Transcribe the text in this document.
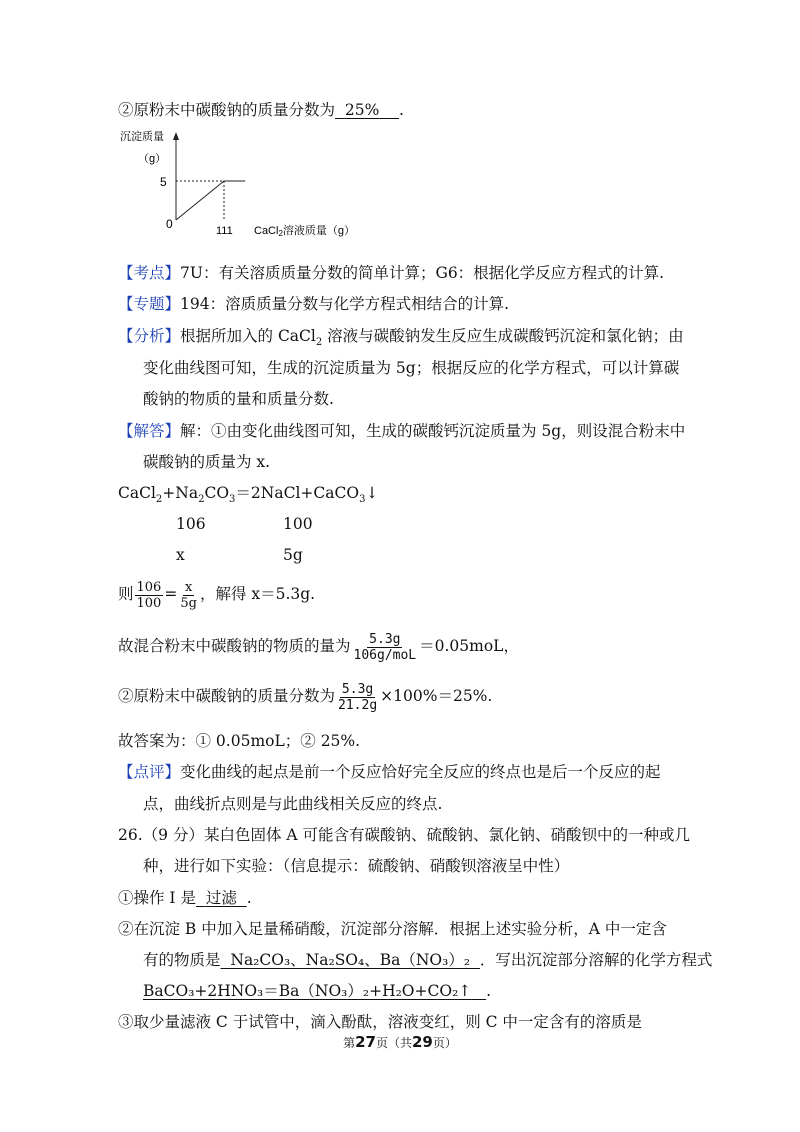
②原粉末中碳酸钠的质量分数为 25% .
沉淀质量
（g）
0
5
111 CaCl2溶液质量（g）
【考点】7U：有关溶质质量分数的简单计算；G6：根据化学反应方程式的计算.
【专题】194：溶质质量分数与化学方程式相结合的计算.
【分析】根据所加入的 CaCl$_2$ 溶液与碳酸钠发生反应生成碳酸钙沉淀和氯化钠；由
变化曲线图可知，生成的沉淀质量为 5g；根据反应的化学方程式，可以计算碳
酸钠的物质的量和质量分数.
【解答】解：①由变化曲线图可知，生成的碳酸钙沉淀质量为 5g，则设混合粉末中
碳酸钠的质量为 x.
$CaCl_2+Na_2CO_3=2NaCl+CaCO_3↓$
106	100
x	5g
则 $\frac{106}{100} = \frac{x}{5g}$ ，解得 x＝5.3g.
故混合粉末中碳酸钠的物质的量为 $\frac{5.3g}{\text{106g/moL}} =0.05moL$，
②原粉末中碳酸钠的质量分数为 $\frac{5.3g}{21.2g} \times 100\%=25\%$.
故答案为：① 0.05moL；② 25%.
【点评】变化曲线的起点是前一个反应恰好完全反应的终点也是后一个反应的起
点，曲线折点则是与此曲线相关反应的终点.
26.（9 分）某白色固体 A 可能含有碳酸钠、硫酸钠、氯化钠、硝酸钡中的一种或几
种，进行如下实验：（信息提示：硫酸钠、硝酸钡溶液呈中性）
①操作 I 是 过滤 .
②在沉淀 B 中加入足量稀硝酸，沉淀部分溶解．根据上述实验分析，A 中一定含
有的物质是 Na₂CO₃、Na₂SO₄、Ba（NO₃）₂ ．写出沉淀部分溶解的化学方程式
BaCO₃+2HNO₃＝Ba（NO₃）₂+H₂O+CO₂↑ .
③取少量滤液 C 于试管中，滴入酚酞，溶液变红，则 C 中一定含有的溶质是
第27页（共29页）
